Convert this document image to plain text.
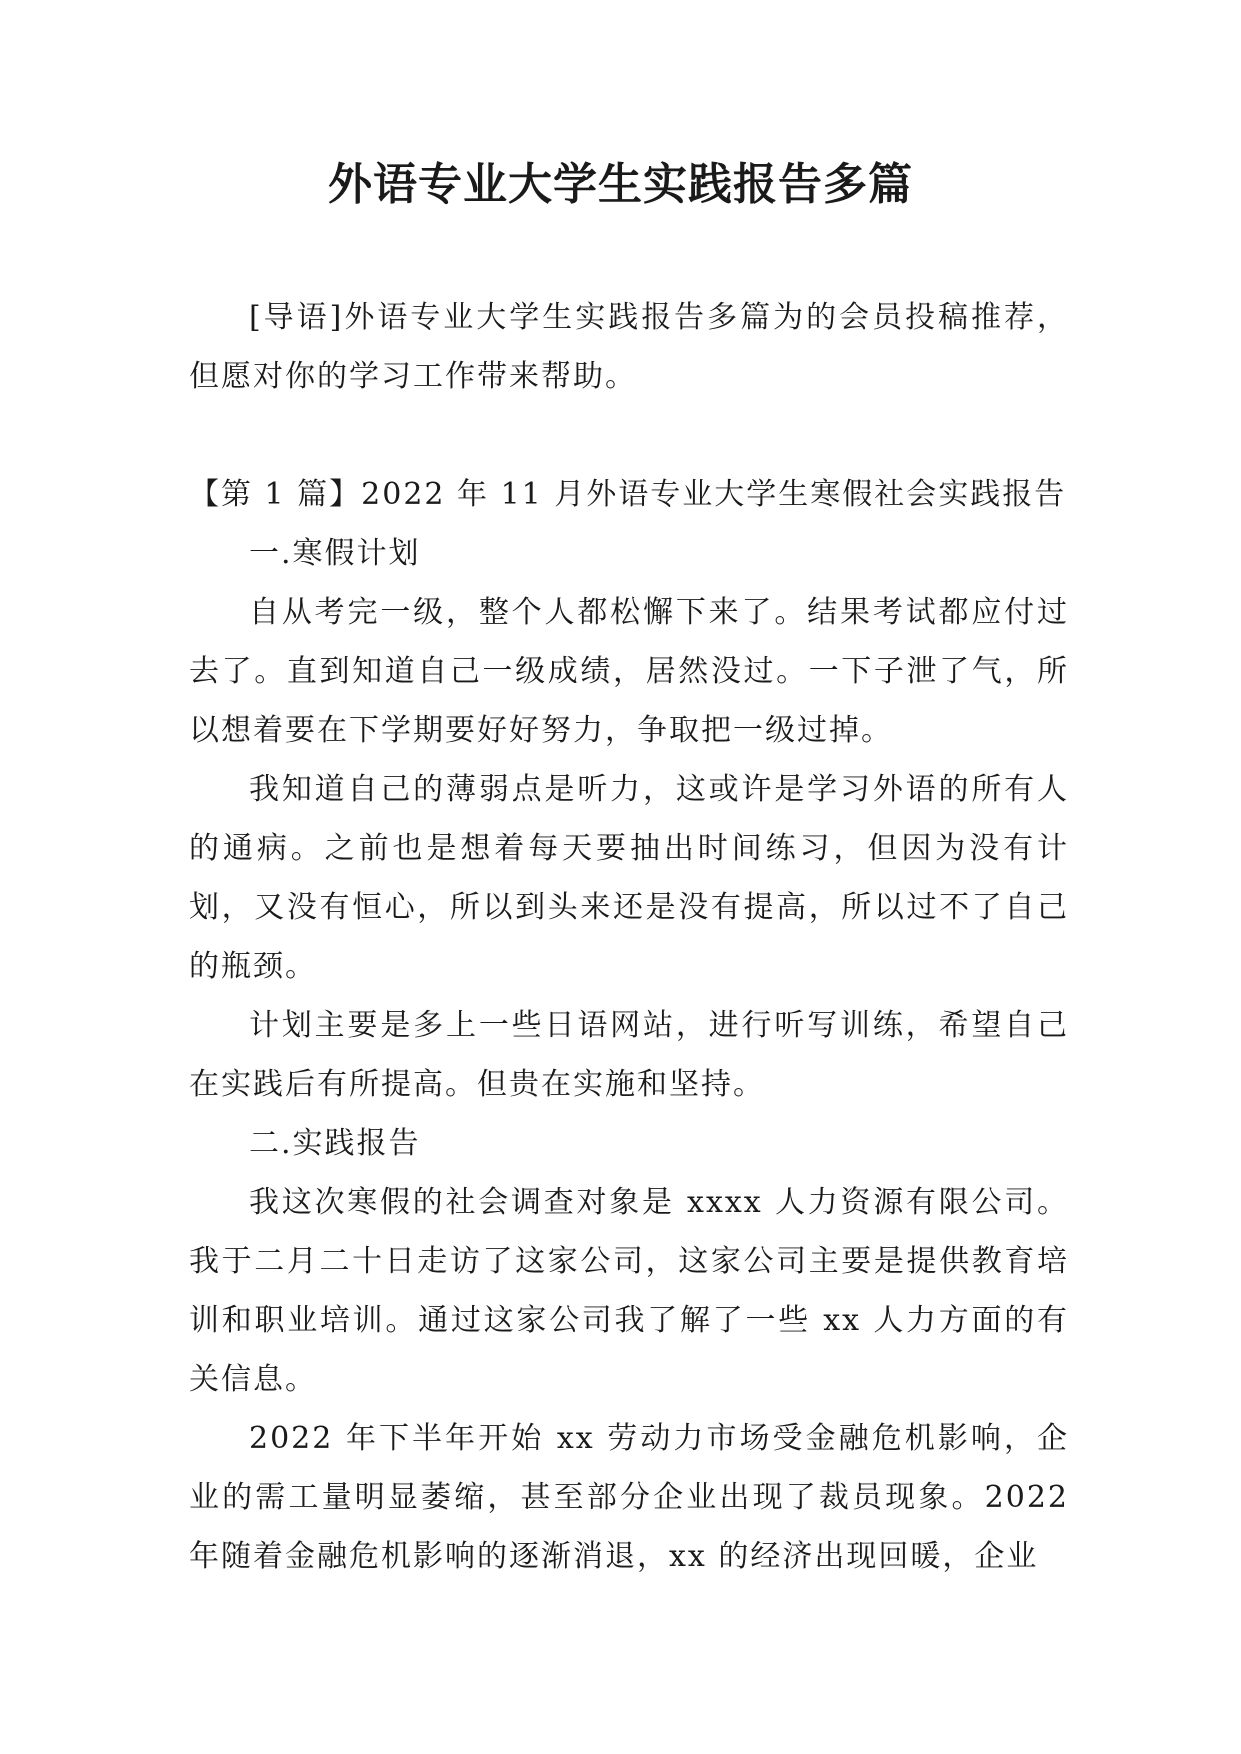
外语专业大学生实践报告多篇

[导语]外语专业大学生实践报告多篇为的会员投稿推荐，但愿对你的学习工作带来帮助。

【第 1 篇】2022 年 11 月外语专业大学生寒假社会实践报告

一.寒假计划

自从考完一级，整个人都松懈下来了。结果考试都应付过去了。直到知道自己一级成绩，居然没过。一下子泄了气，所以想着要在下学期要好好努力，争取把一级过掉。

我知道自己的薄弱点是听力，这或许是学习外语的所有人的通病。之前也是想着每天要抽出时间练习，但因为没有计划，又没有恒心，所以到头来还是没有提高，所以过不了自己的瓶颈。

计划主要是多上一些日语网站，进行听写训练，希望自己在实践后有所提高。但贵在实施和坚持。

二.实践报告

我这次寒假的社会调查对象是 xxxx 人力资源有限公司。我于二月二十日走访了这家公司，这家公司主要是提供教育培训和职业培训。通过这家公司我了解了一些 xx 人力方面的有关信息。

2022 年下半年开始 xx 劳动力市场受金融危机影响，企业的需工量明显萎缩，甚至部分企业出现了裁员现象。2022 年随着金融危机影响的逐渐消退，xx 的经济出现回暖，企业
